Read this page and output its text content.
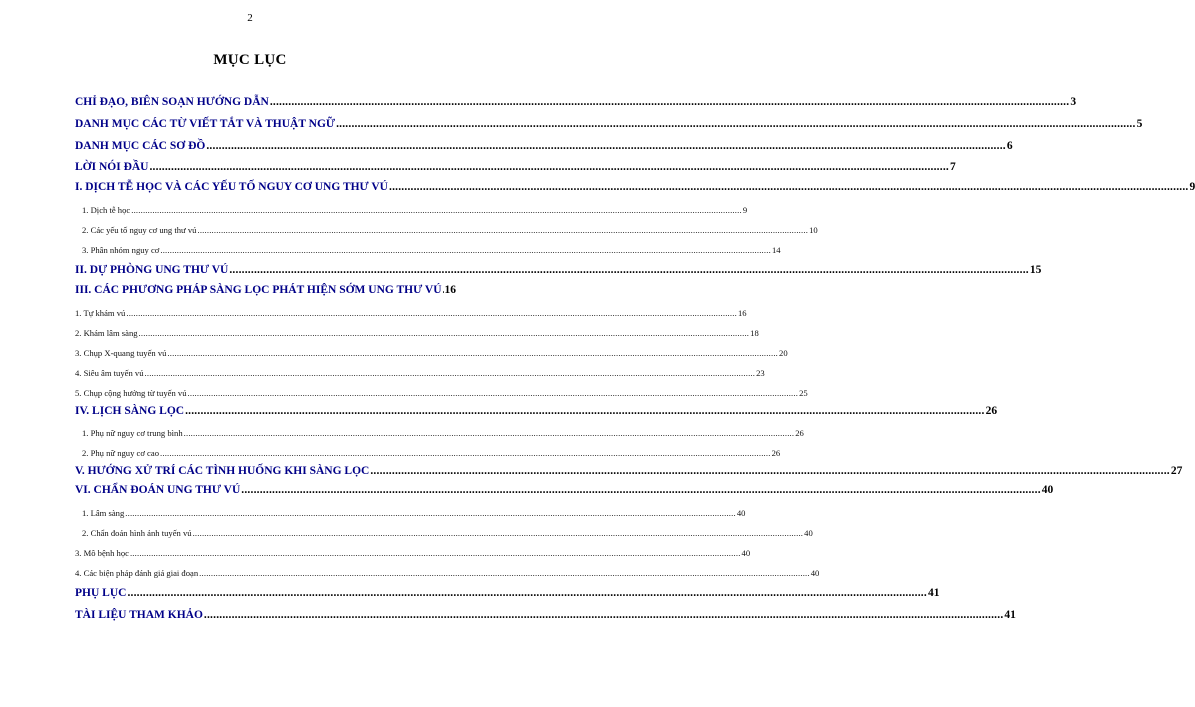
2
MỤC LỤC
CHỈ ĐẠO, BIÊN SOẠN HƯỚNG DẪN .................................................................................................................................................................................................................................................................... 3
DANH MỤC CÁC TỪ VIẾT TẮT VÀ THUẬT NGỮ .................................................................................................................................................................................................................................................................... 5
DANH MỤC CÁC SƠ ĐỒ .................................................................................................................................................................................................................................................................... 6
LỜI NÓI ĐẦU .................................................................................................................................................................................................................................................................... 7
I. DỊCH TỄ HỌC VÀ CÁC YẾU TỐ NGUY CƠ UNG THƯ VÚ .................................................................................................................................................................................................................................................................... 9
1. Dịch tễ học .................................................................................................................................................................................................................................................................... 9
2. Các yếu tố nguy cơ ung thư vú .................................................................................................................................................................................................................................................................... 10
3. Phân nhóm nguy cơ .................................................................................................................................................................................................................................................................... 14
II. DỰ PHÒNG UNG THƯ VÚ .................................................................................................................................................................................................................................................................... 15
III. CÁC PHƯƠNG PHÁP SÀNG LỌC PHÁT HIỆN SỚM UNG THƯ VÚ 16
1. Tự khám vú .................................................................................................................................................................................................................................................................... 16
2. Khám lâm sàng .................................................................................................................................................................................................................................................................... 18
3. Chụp X-quang tuyến vú .................................................................................................................................................................................................................................................................... 20
4. Siêu âm tuyến vú .................................................................................................................................................................................................................................................................... 23
5. Chụp cộng hưởng từ tuyến vú .................................................................................................................................................................................................................................................................... 25
IV. LỊCH SÀNG LỌC .................................................................................................................................................................................................................................................................... 26
1. Phụ nữ nguy cơ trung bình .................................................................................................................................................................................................................................................................... 26
2. Phụ nữ nguy cơ cao .................................................................................................................................................................................................................................................................... 26
V. HƯỚNG XỬ TRÍ CÁC TÌNH HUỐNG KHI SÀNG LỌC .................................................................................................................................................................................................................................................................... 27
VI. CHẨN ĐOÁN UNG THƯ VÚ .................................................................................................................................................................................................................................................................... 40
1. Lâm sàng .................................................................................................................................................................................................................................................................... 40
2. Chẩn đoán hình ảnh tuyến vú .................................................................................................................................................................................................................................................................... 40
3. Mô bệnh học .................................................................................................................................................................................................................................................................... 40
4. Các biện pháp đánh giá giai đoạn .................................................................................................................................................................................................................................................................... 40
PHỤ LỤC .................................................................................................................................................................................................................................................................... 41
TÀI LIỆU THAM KHẢO .................................................................................................................................................................................................................................................................... 41
